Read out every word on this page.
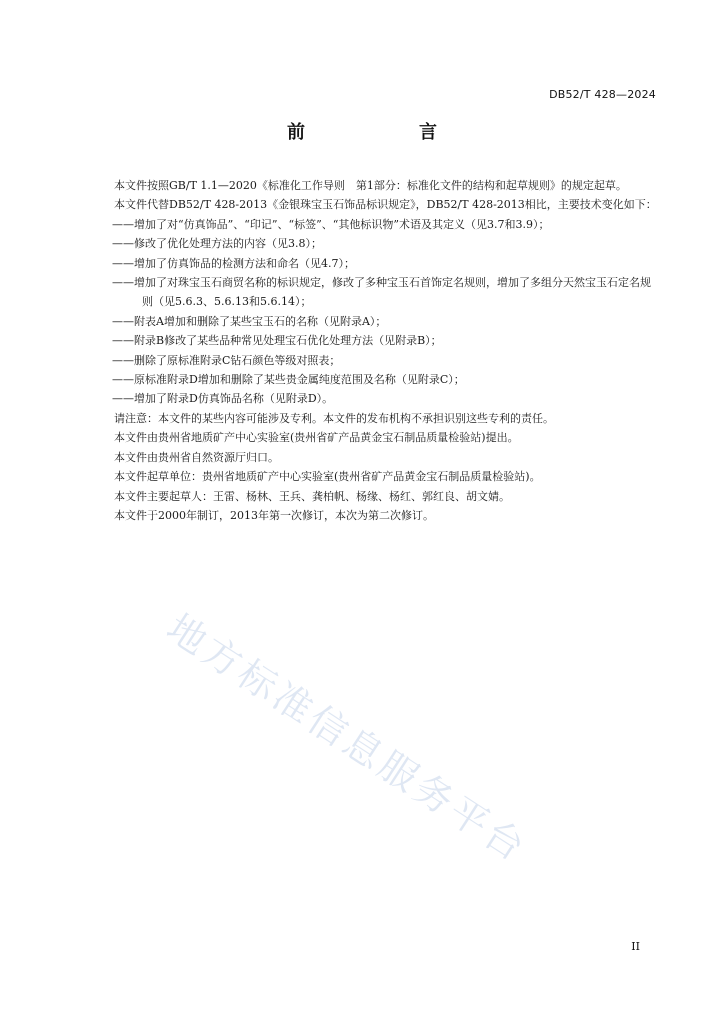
DB52/T 428—2024
前　　言

本文件按照GB/T 1.1—2020《标准化工作导则　第1部分：标准化文件的结构和起草规则》的规定起草。

本文件代替DB52/T 428-2013《金银珠宝玉石饰品标识规定》，DB52/T 428-2013相比，主要技术变化如下：

——增加了对“仿真饰品”、“印记”、“标签”、“其他标识物”术语及其定义（见3.7和3.9）；

——修改了优化处理方法的内容（见3.8）；

——增加了仿真饰品的检测方法和命名（见4.7）；

——增加了对珠宝玉石商贸名称的标识规定，修改了多种宝玉石首饰定名规则，增加了多组分天然宝玉石定名规则（见5.6.3、5.6.13和5.6.14）；

——附表A增加和删除了某些宝玉石的名称（见附录A）；

——附录B修改了某些品种常见处理宝石优化处理方法（见附录B）；

——删除了原标准附录C钻石颜色等级对照表；

——原标准附录D增加和删除了某些贵金属纯度范围及名称（见附录C）；

——增加了附录D仿真饰品名称（见附录D）。

请注意：本文件的某些内容可能涉及专利。本文件的发布机构不承担识别这些专利的责任。

本文件由贵州省地质矿产中心实验室(贵州省矿产品黄金宝石制品质量检验站)提出。

本文件由贵州省自然资源厅归口。

本文件起草单位：贵州省地质矿产中心实验室(贵州省矿产品黄金宝石制品质量检验站)。

本文件主要起草人：王雷、杨林、王兵、龚柏帆、杨缘、杨红、郭红良、胡文婧。

本文件于2000年制订，2013年第一次修订，本次为第二次修订。

地方标准信息服务平台
II
